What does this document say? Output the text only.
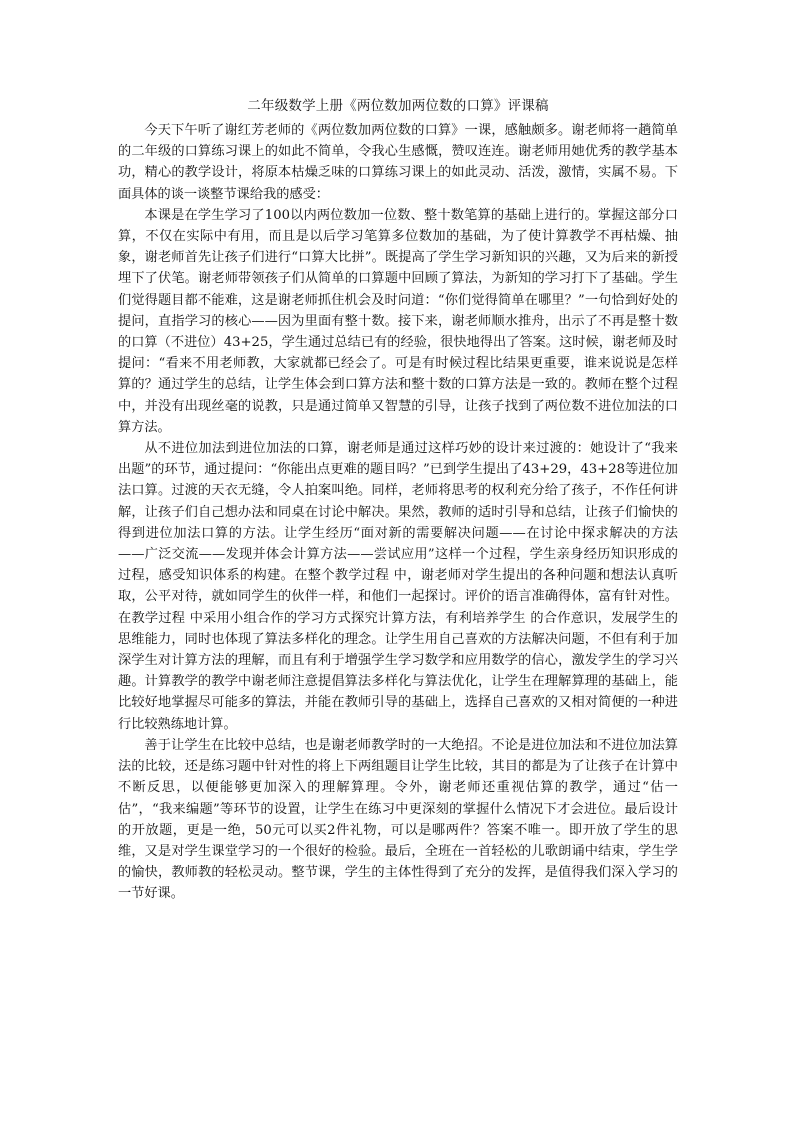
二年级数学上册《两位数加两位数的口算》评课稿

今天下午听了谢红芳老师的《两位数加两位数的口算》一课，感触颇多。谢老师将一趟简单的二年级的口算练习课上的如此不简单，令我心生感慨，赞叹连连。谢老师用她优秀的教学基本功，精心的教学设计，将原本枯燥乏味的口算练习课上的如此灵动、活泼，激情，实属不易。下面具体的谈一谈整节课给我的感受：

本课是在学生学习了100以内两位数加一位数、整十数笔算的基础上进行的。掌握这部分口算，不仅在实际中有用，而且是以后学习笔算多位数加的基础，为了使计算教学不再枯燥、抽象，谢老师首先让孩子们进行“口算大比拼”。既提高了学生学习新知识的兴趣，又为后来的新授埋下了伏笔。谢老师带领孩子们从简单的口算题中回顾了算法，为新知的学习打下了基础。学生们觉得题目都不能难，这是谢老师抓住机会及时问道：“你们觉得简单在哪里？”一句恰到好处的提问，直指学习的核心——因为里面有整十数。接下来，谢老师顺水推舟，出示了不再是整十数的口算（不进位）43+25，学生通过总结已有的经验，很快地得出了答案。这时候，谢老师及时提问：“看来不用老师教，大家就都已经会了。可是有时候过程比结果更重要，谁来说说是怎样算的？通过学生的总结，让学生体会到口算方法和整十数的口算方法是一致的。教师在整个过程中，并没有出现丝毫的说教，只是通过简单又智慧的引导，让孩子找到了两位数不进位加法的口算方法。

从不进位加法到进位加法的口算，谢老师是通过这样巧妙的设计来过渡的：她设计了“我来出题”的环节，通过提问：“你能出点更难的题目吗？”已到学生提出了43+29，43+28等进位加法口算。过渡的天衣无缝，令人拍案叫绝。同样，老师将思考的权利充分给了孩子，不作任何讲解，让孩子们自己想办法和同桌在讨论中解决。果然，教师的适时引导和总结，让孩子们愉快的得到进位加法口算的方法。让学生经历“面对新的需要解决问题——在讨论中探求解决的方法——广泛交流——发现并体会计算方法——尝试应用”这样一个过程，学生亲身经历知识形成的过程，感受知识体系的构建。在整个教学过程 中，谢老师对学生提出的各种问题和想法认真听取，公平对待，就如同学生的伙伴一样，和他们一起探讨。评价的语言准确得体，富有针对性。在教学过程 中采用小组合作的学习方式探究计算方法，有利培养学生 的合作意识，发展学生的思维能力，同时也体现了算法多样化的理念。让学生用自己喜欢的方法解决问题，不但有利于加深学生对计算方法的理解，而且有利于增强学生学习数学和应用数学的信心，激发学生的学习兴趣。计算教学的教学中谢老师注意提倡算法多样化与算法优化，让学生在理解算理的基础上，能比较好地掌握尽可能多的算法，并能在教师引导的基础上，选择自己喜欢的又相对简便的一种进行比较熟练地计算。

善于让学生在比较中总结，也是谢老师教学时的一大绝招。不论是进位加法和不进位加法算法的比较，还是练习题中针对性的将上下两组题目让学生比较，其目的都是为了让孩子在计算中不断反思，以便能够更加深入的理解算理。令外，谢老师还重视估算的教学，通过“估一估”，“我来编题”等环节的设置，让学生在练习中更深刻的掌握什么情况下才会进位。最后设计的开放题，更是一绝，50元可以买2件礼物，可以是哪两件？答案不唯一。即开放了学生的思维，又是对学生课堂学习的一个很好的检验。最后，全班在一首轻松的儿歌朗诵中结束，学生学的愉快，教师教的轻松灵动。整节课，学生的主体性得到了充分的发挥，是值得我们深入学习的一节好课。
